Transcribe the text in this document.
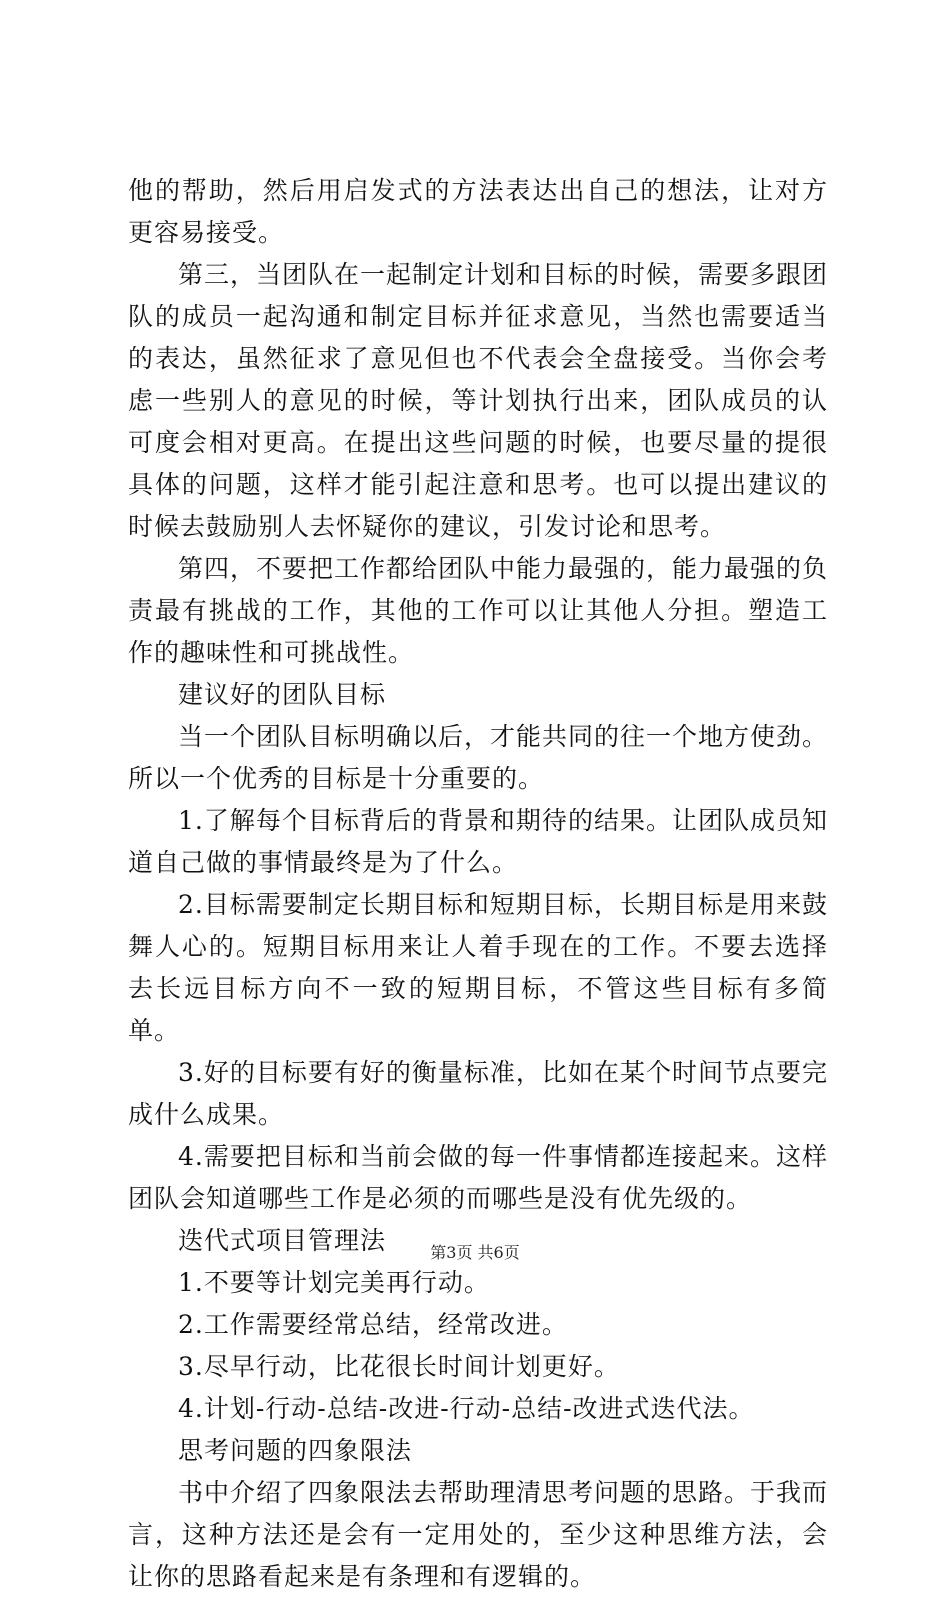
他的帮助，然后用启发式的方法表达出自己的想法，让对方更容易接受。

第三，当团队在一起制定计划和目标的时候，需要多跟团队的成员一起沟通和制定目标并征求意见，当然也需要适当的表达，虽然征求了意见但也不代表会全盘接受。当你会考虑一些别人的意见的时候，等计划执行出来，团队成员的认可度会相对更高。在提出这些问题的时候，也要尽量的提很具体的问题，这样才能引起注意和思考。也可以提出建议的时候去鼓励别人去怀疑你的建议，引发讨论和思考。

第四，不要把工作都给团队中能力最强的，能力最强的负责最有挑战的工作，其他的工作可以让其他人分担。塑造工作的趣味性和可挑战性。

建议好的团队目标

当一个团队目标明确以后，才能共同的往一个地方使劲。所以一个优秀的目标是十分重要的。

1.了解每个目标背后的背景和期待的结果。让团队成员知道自己做的事情最终是为了什么。

2.目标需要制定长期目标和短期目标，长期目标是用来鼓舞人心的。短期目标用来让人着手现在的工作。不要去选择去长远目标方向不一致的短期目标，不管这些目标有多简单。

3.好的目标要有好的衡量标准，比如在某个时间节点要完成什么成果。

4.需要把目标和当前会做的每一件事情都连接起来。这样团队会知道哪些工作是必须的而哪些是没有优先级的。

迭代式项目管理法

1.不要等计划完美再行动。

2.工作需要经常总结，经常改进。

3.尽早行动，比花很长时间计划更好。

4.计划-行动-总结-改进-行动-总结-改进式迭代法。

思考问题的四象限法

书中介绍了四象限法去帮助理清思考问题的思路。于我而言，这种方法还是会有一定用处的，至少这种思维方法，会让你的思路看起来是有条理和有逻辑的。

第3页 共6页
